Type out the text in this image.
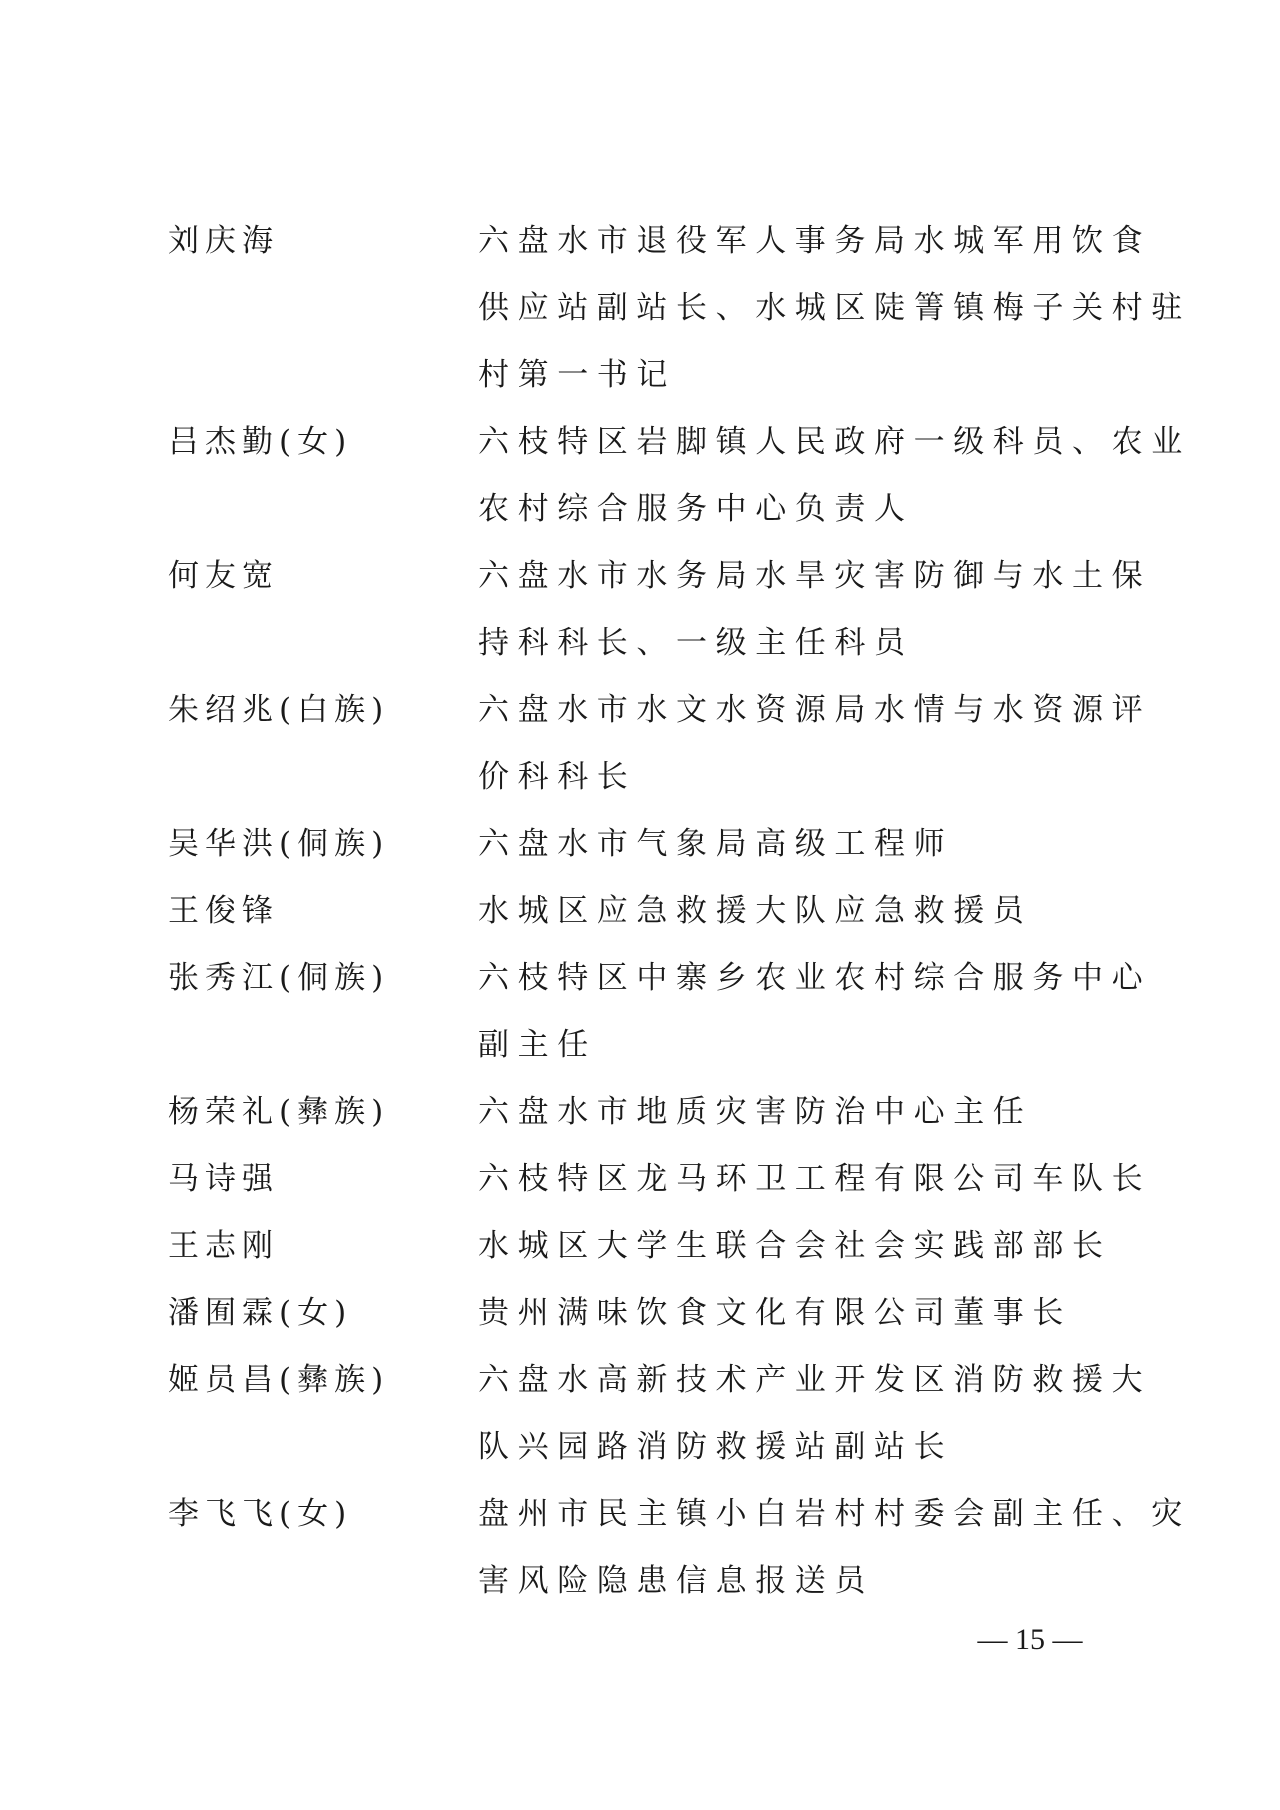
刘庆海	六盘水市退役军人事务局水城军用饮食
供应站副站长、水城区陡箐镇梅子关村驻
村第一书记
吕杰勤(女)	六枝特区岩脚镇人民政府一级科员、农业
农村综合服务中心负责人
何友宽	六盘水市水务局水旱灾害防御与水土保
持科科长、一级主任科员
朱绍兆(白族)	六盘水市水文水资源局水情与水资源评
价科科长
吴华洪(侗族)	六盘水市气象局高级工程师
王俊锋	水城区应急救援大队应急救援员
张秀江(侗族)	六枝特区中寨乡农业农村综合服务中心
副主任
杨荣礼(彝族)	六盘水市地质灾害防治中心主任
马诗强	六枝特区龙马环卫工程有限公司车队长
王志刚	水城区大学生联合会社会实践部部长
潘囿霖(女)	贵州满味饮食文化有限公司董事长
姬员昌(彝族)	六盘水高新技术产业开发区消防救援大
队兴园路消防救援站副站长
李飞飞(女)	盘州市民主镇小白岩村村委会副主任、灾
害风险隐患信息报送员
— 15 —
